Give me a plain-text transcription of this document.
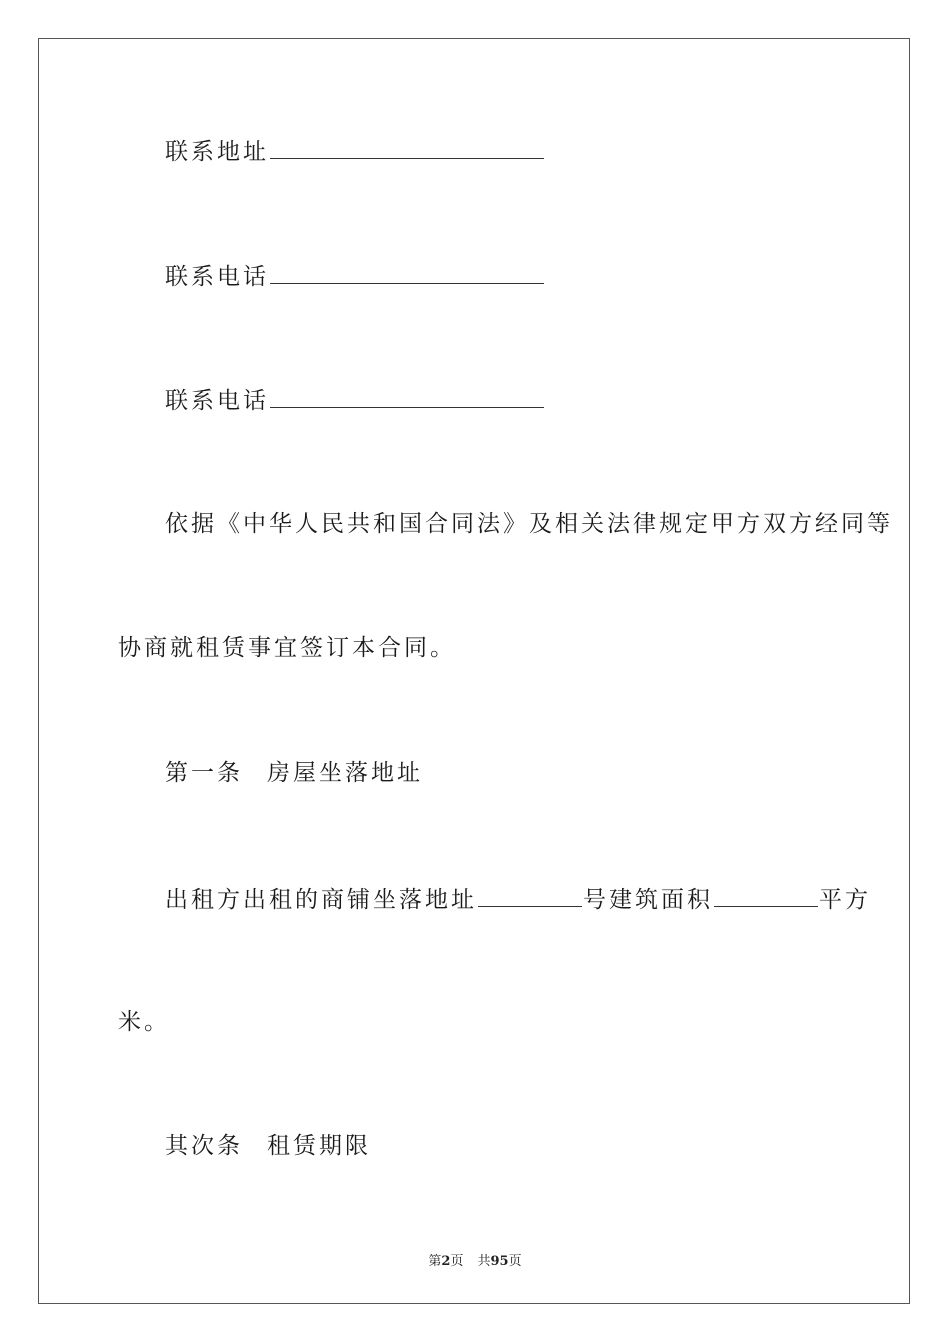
联系地址
联系电话
联系电话
依据《中华人民共和国合同法》及相关法律规定甲方双方经同等
协商就租赁事宜签订本合同。
第一条 房屋坐落地址
出租方出租的商铺坐落地址	号建筑面积	平方
米。
其次条 租赁期限
第2页 共95页
